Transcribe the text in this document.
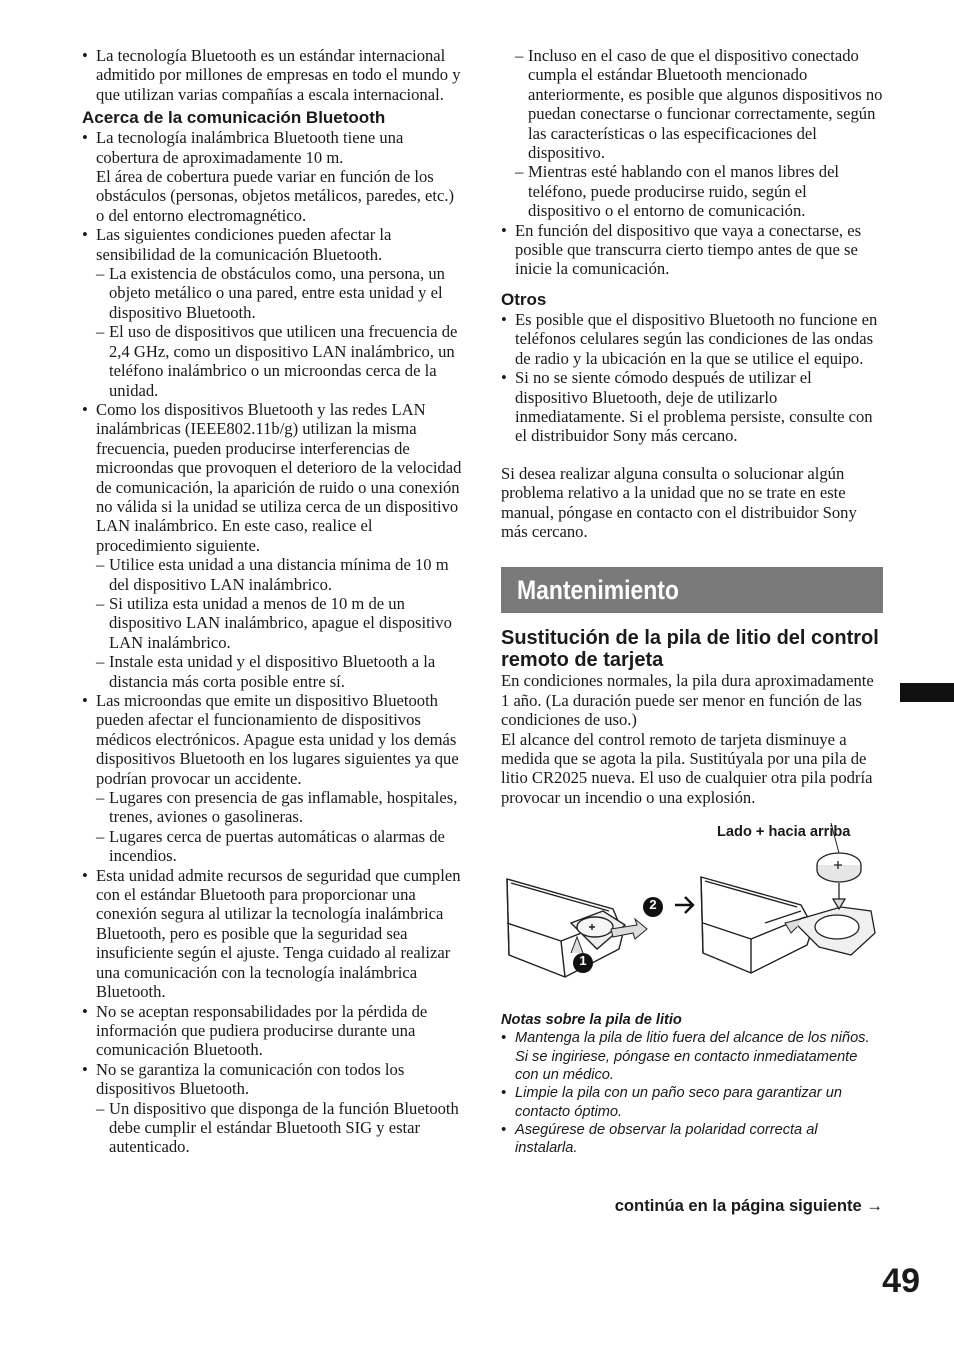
• La tecnología Bluetooth es un estándar internacional admitido por millones de empresas en todo el mundo y que utilizan varias compañías a escala internacional.
Acerca de la comunicación Bluetooth

• La tecnología inalámbrica Bluetooth tiene una cobertura de aproximadamente 10 m.

El área de cobertura puede variar en función de los obstáculos (personas, objetos metálicos, paredes, etc.) o del entorno electromagnético.

• Las siguientes condiciones pueden afectar la sensibilidad de la comunicación Bluetooth.
– La existencia de obstáculos como, una persona, un objeto metálico o una pared, entre esta unidad y el dispositivo Bluetooth.
– El uso de dispositivos que utilicen una frecuencia de 2,4 GHz, como un dispositivo LAN inalámbrico, un teléfono inalámbrico o un microondas cerca de la unidad.
• Como los dispositivos Bluetooth y las redes LAN inalámbricas (IEEE802.11b/g) utilizan la misma frecuencia, pueden producirse interferencias de microondas que provoquen el deterioro de la velocidad de comunicación, la aparición de ruido o una conexión no válida si la unidad se utiliza cerca de un dispositivo LAN inalámbrico. En este caso, realice el procedimiento siguiente.
– Utilice esta unidad a una distancia mínima de 10 m del dispositivo LAN inalámbrico.
– Si utiliza esta unidad a menos de 10 m de un dispositivo LAN inalámbrico, apague el dispositivo LAN inalámbrico.
– Instale esta unidad y el dispositivo Bluetooth a la distancia más corta posible entre sí.
• Las microondas que emite un dispositivo Bluetooth pueden afectar el funcionamiento de dispositivos médicos electrónicos. Apague esta unidad y los demás dispositivos Bluetooth en los lugares siguientes ya que podrían provocar un accidente.
– Lugares con presencia de gas inflamable, hospitales, trenes, aviones o gasolineras.
– Lugares cerca de puertas automáticas o alarmas de incendios.
• Esta unidad admite recursos de seguridad que cumplen con el estándar Bluetooth para proporcionar una conexión segura al utilizar la tecnología inalámbrica Bluetooth, pero es posible que la seguridad sea insuficiente según el ajuste. Tenga cuidado al realizar una comunicación con la tecnología inalámbrica Bluetooth.
• No se aceptan responsabilidades por la pérdida de información que pudiera producirse durante una comunicación Bluetooth.
• No se garantiza la comunicación con todos los dispositivos Bluetooth.
– Un dispositivo que disponga de la función Bluetooth debe cumplir el estándar Bluetooth SIG y estar autenticado.
– Incluso en el caso de que el dispositivo conectado cumpla el estándar Bluetooth mencionado anteriormente, es posible que algunos dispositivos no puedan conectarse o funcionar correctamente, según las características o las especificaciones del dispositivo.
– Mientras esté hablando con el manos libres del teléfono, puede producirse ruido, según el dispositivo o el entorno de comunicación.
• En función del dispositivo que vaya a conectarse, es posible que transcurra cierto tiempo antes de que se inicie la comunicación.
Otros
• Es posible que el dispositivo Bluetooth no funcione en teléfonos celulares según las condiciones de las ondas de radio y la ubicación en la que se utilice el equipo.
• Si no se siente cómodo después de utilizar el dispositivo Bluetooth, deje de utilizarlo inmediatamente. Si el problema persiste, consulte con el distribuidor Sony más cercano.

Si desea realizar alguna consulta o solucionar algún problema relativo a la unidad que no se trate en este manual, póngase en contacto con el distribuidor Sony más cercano.

Mantenimiento
Sustitución de la pila de litio del control remoto de tarjeta

En condiciones normales, la pila dura aproximadamente 1 año. (La duración puede ser menor en función de las condiciones de uso.)

El alcance del control remoto de tarjeta disminuye a medida que se agota la pila. Sustitúyala por una pila de litio CR2025 nueva. El uso de cualquier otra pila podría provocar un incendio o una explosión.

Lado + hacia arriba
1
2
Notas sobre la pila de litio
• Mantenga la pila de litio fuera del alcance de los niños. Si se ingiriese, póngase en contacto inmediatamente con un médico.
• Limpie la pila con un paño seco para garantizar un contacto óptimo.
• Asegúrese de observar la polaridad correcta al instalarla.
continúa en la página siguiente →
49
